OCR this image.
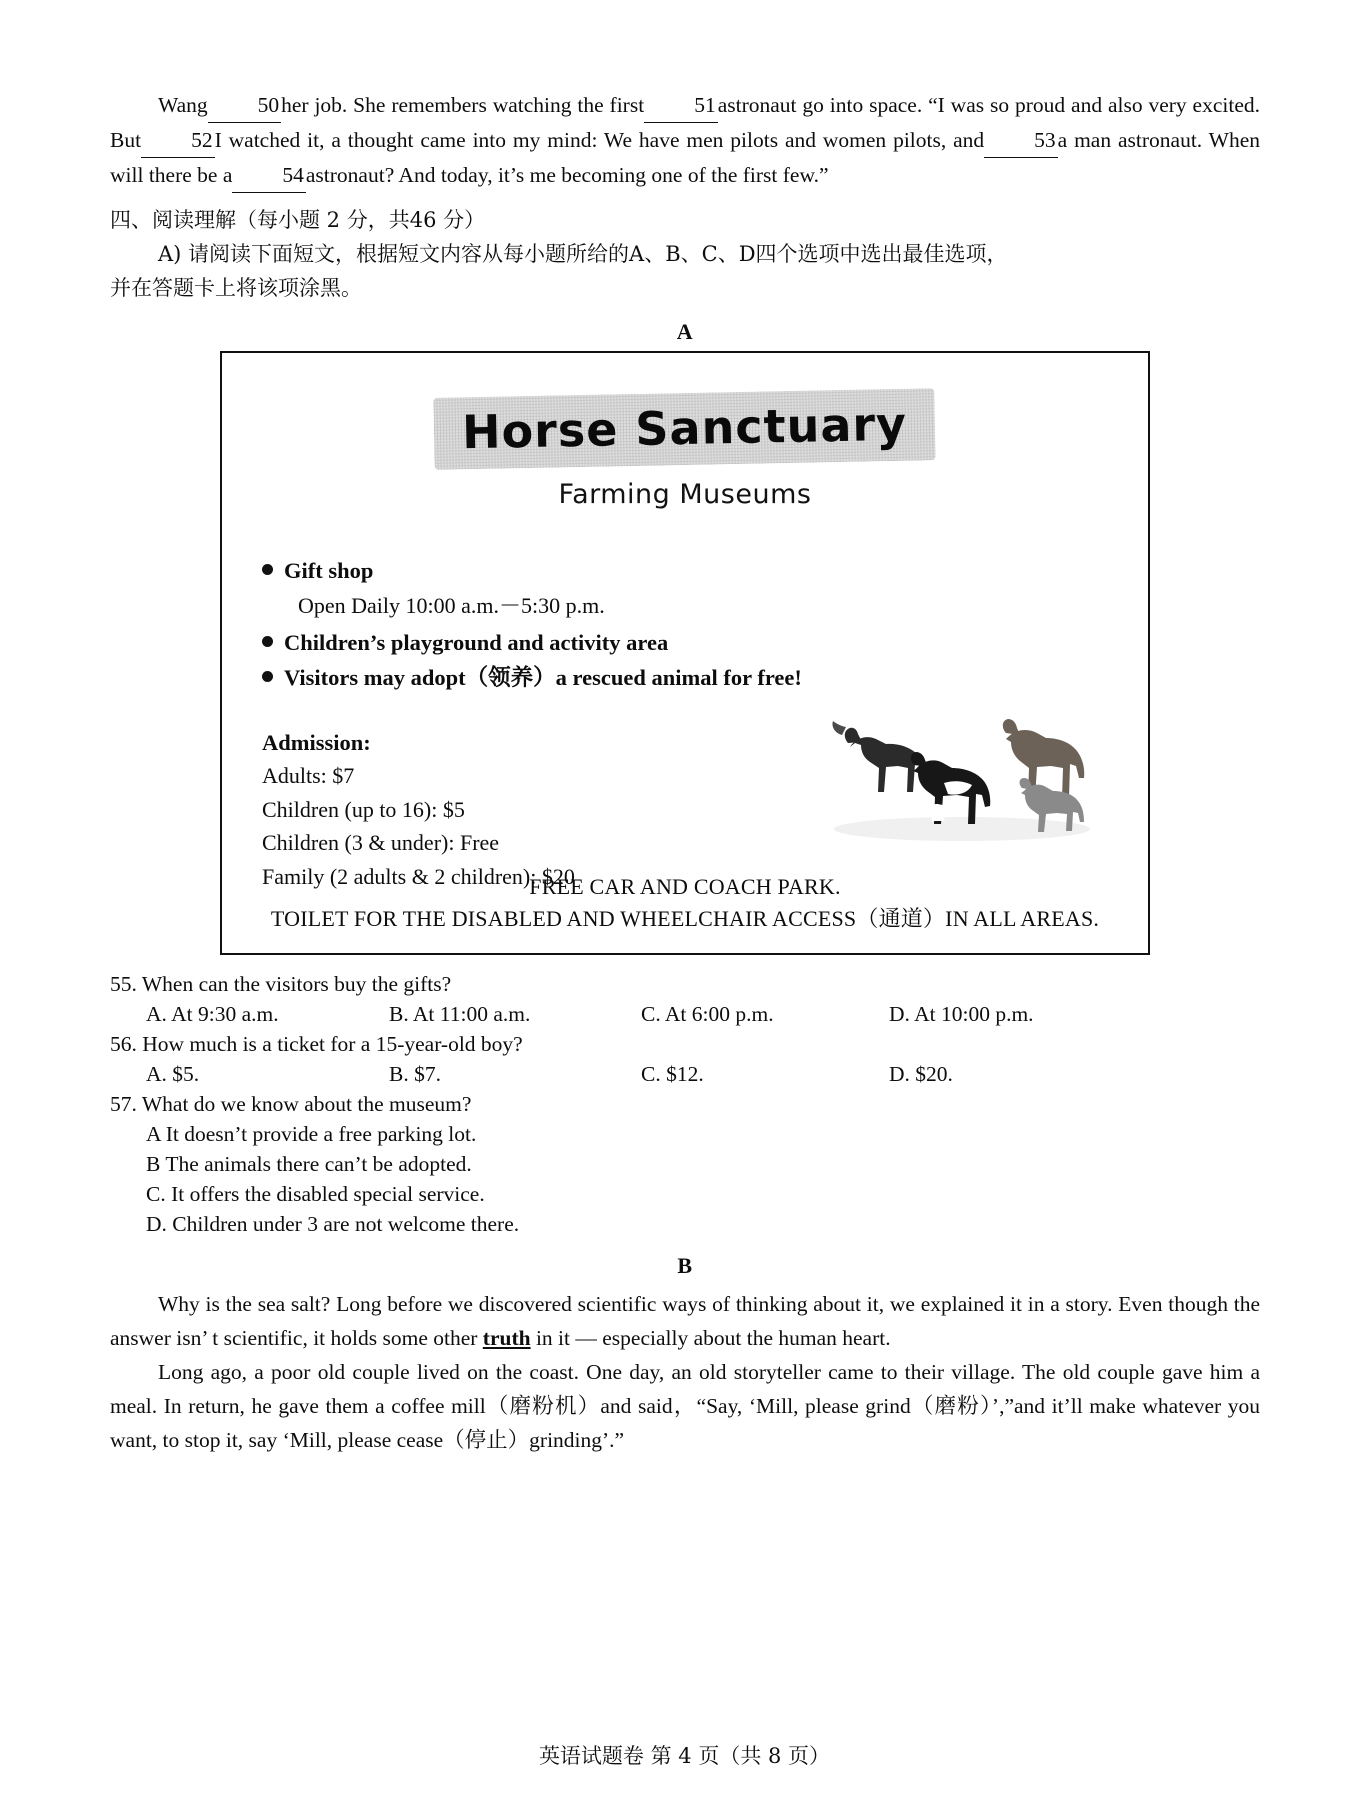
Wang 50her job. She remembers watching the first 51astronaut go into space. “I was so proud and also very excited. But 52I watched it, a thought came into my mind: We have men pilots and women pilots, and 53a man astronaut. When will there be a 54astronaut? And today, it’s me becoming one of the first few.”

四、阅读理解（每小题 2 分，共46 分）
A) 请阅读下面短文，根据短文内容从每小题所给的A、B、C、D四个选项中选出最佳选项，
并在答题卡上将该项涂黑。
A
Horse Sanctuary
Farming Museums
Gift shop
Open Daily 10:00 a.m.－5:30 p.m.
Children’s playground and activity area
Visitors may adopt（领养）a rescued animal for free!
Admission:
Adults: $7
Children (up to 16): $5
Children (3 & under): Free
Family (2 adults & 2 children): $20
FREE CAR AND COACH PARK.
TOILET FOR THE DISABLED AND WHEELCHAIR ACCESS（通道）IN ALL AREAS.
55. When can the visitors buy the gifts?
A. At 9:30 a.m.	B. At 11:00 a.m.	C. At 6:00 p.m.	D. At 10:00 p.m.
56. How much is a ticket for a 15-year-old boy?
A. $5.	B. $7.	C. $12.	D. $20.
57. What do we know about the museum?
A It doesn’t provide a free parking lot.
B The animals there can’t be adopted.
C. It offers the disabled special service.
D. Children under 3 are not welcome there.
B

Why is the sea salt? Long before we discovered scientific ways of thinking about it, we explained it in a story. Even though the answer isn’ t scientific, it holds some other truth in it — especially about the human heart.

Long ago, a poor old couple lived on the coast. One day, an old storyteller came to their village. The old couple gave him a meal. In return, he gave them a coffee mill（磨粉机）and said，“Say, ‘Mill, please grind（磨粉）’,”and it’ll make whatever you want, to stop it, say ‘Mill, please cease（停止）grinding’.”

英语试题卷 第 4 页（共 8 页）
